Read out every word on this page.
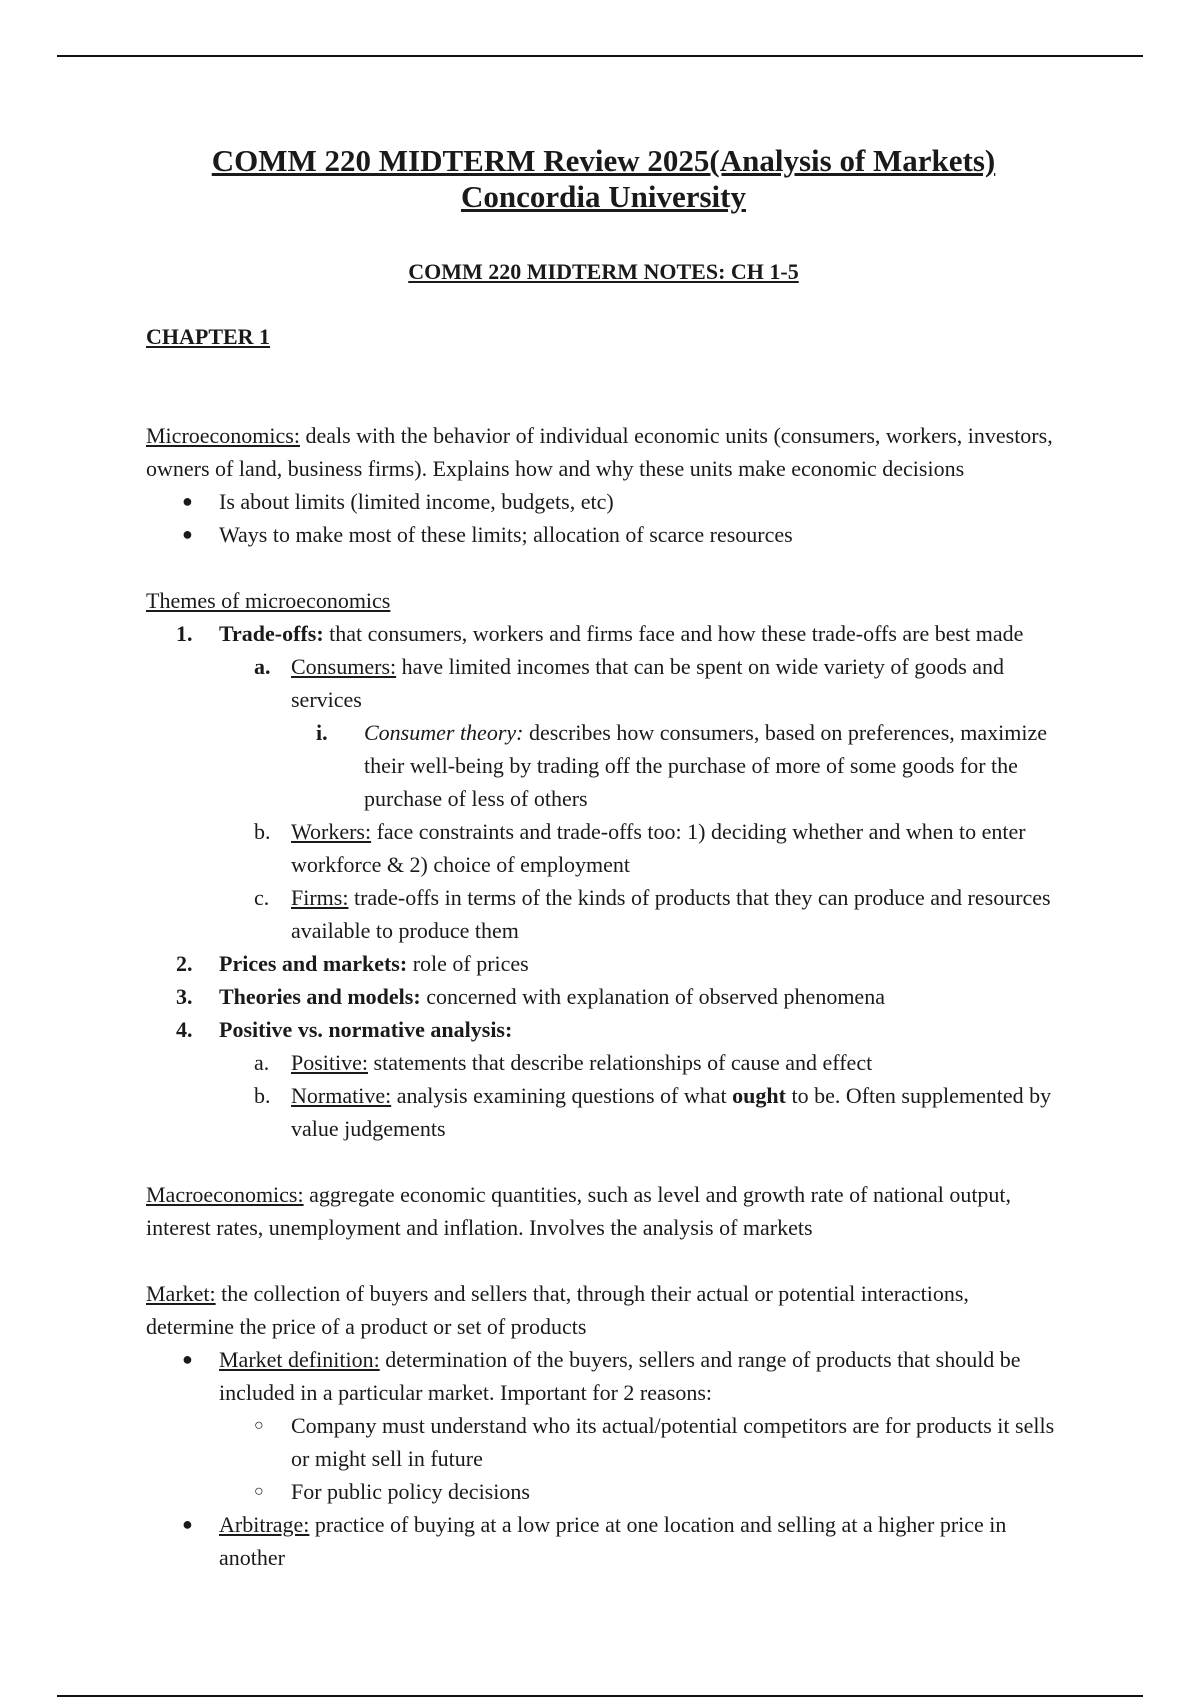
COMM 220 MIDTERM Review 2025(Analysis of Markets)
Concordia University

COMM 220 MIDTERM NOTES: CH 1-5

CHAPTER 1

Microeconomics: deals with the behavior of individual economic units (consumers, workers, investors, owners of land, business firms). Explains how and why these units make economic decisions

●	Is about limits (limited income, budgets, etc)
●	Ways to make most of these limits; allocation of scarce resources

Themes of microeconomics

1.	Trade-offs: that consumers, workers and firms face and how these trade-offs are best made
a. Consumers: have limited incomes that can be spent on wide variety of goods and services
i.	Consumer theory: describes how consumers, based on preferences, maximize their well-being by trading off the purchase of more of some goods for the purchase of less of others
b. Workers: face constraints and trade-offs too: 1) deciding whether and when to enter workforce & 2) choice of employment
c. Firms: trade-offs in terms of the kinds of products that they can produce and resources available to produce them
2.	Prices and markets: role of prices
3.	Theories and models: concerned with explanation of observed phenomena
4.	Positive vs. normative analysis:
a. Positive: statements that describe relationships of cause and effect
b. Normative: analysis examining questions of what ought to be. Often supplemented by value judgements

Macroeconomics: aggregate economic quantities, such as level and growth rate of national output, interest rates, unemployment and inflation. Involves the analysis of markets

Market: the collection of buyers and sellers that, through their actual or potential interactions, determine the price of a product or set of products

●	Market definition: determination of the buyers, sellers and range of products that should be included in a particular market. Important for 2 reasons:
○	Company must understand who its actual/potential competitors are for products it sells or might sell in future
○	For public policy decisions
●	Arbitrage: practice of buying at a low price at one location and selling at a higher price in another
